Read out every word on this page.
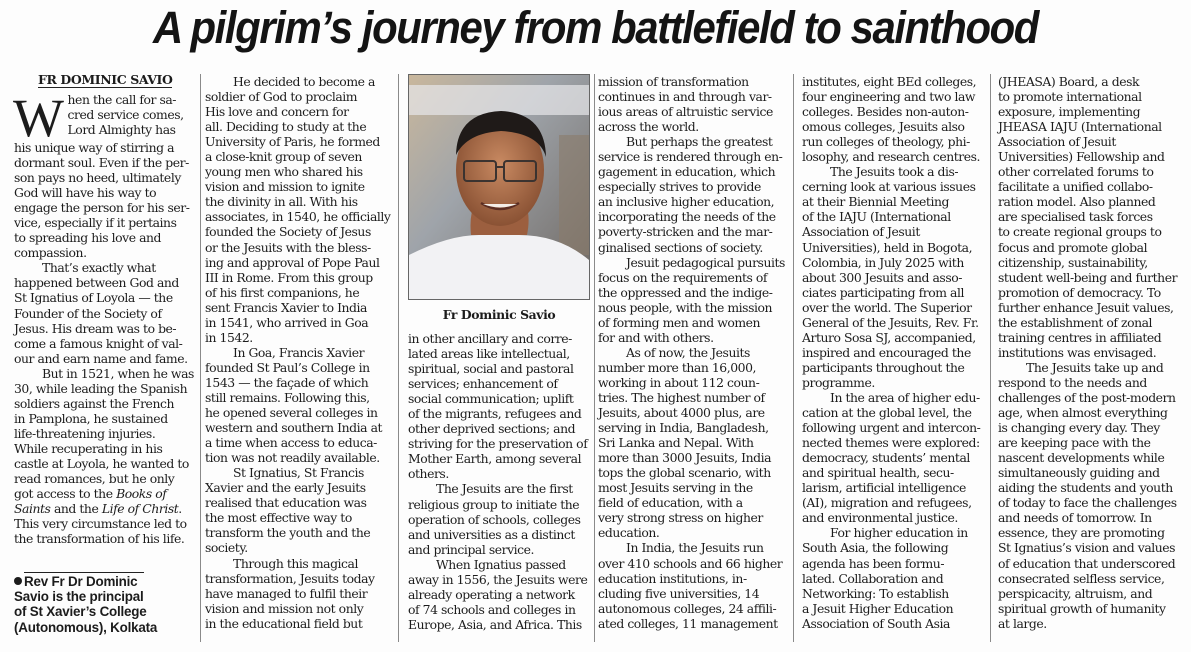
A pilgrim’s journey from battlefield to sainthood
FR DOMINIC SAVIO
W hen the call for sa-
cred service comes,
Lord Almighty has
his unique way of stirring a
dormant soul. Even if the per-
son pays no heed, ultimately
God will have his way to
engage the person for his ser-
vice, especially if it pertains
to spreading his love and
compassion.
That’s exactly what
happened between God and
St Ignatius of Loyola — the
Founder of the Society of
Jesus. His dream was to be-
come a famous knight of val-
our and earn name and fame.
But in 1521, when he was
30, while leading the Spanish
soldiers against the French
in Pamplona, he sustained
life-threatening injuries.
While recuperating in his
castle at Loyola, he wanted to
read romances, but he only
got access to the Books of
Saints and the Life of Christ.
This very circumstance led to
the transformation of his life.
Rev Fr Dr Dominic
Savio is the principal
of St Xavier’s College
(Autonomous), Kolkata
He decided to become a
soldier of God to proclaim
His love and concern for
all. Deciding to study at the
University of Paris, he formed
a close-knit group of seven
young men who shared his
vision and mission to ignite
the divinity in all. With his
associates, in 1540, he officially
founded the Society of Jesus
or the Jesuits with the bless-
ing and approval of Pope Paul
III in Rome. From this group
of his first companions, he
sent Francis Xavier to India
in 1541, who arrived in Goa
in 1542.
In Goa, Francis Xavier
founded St Paul’s College in
1543 — the façade of which
still remains. Following this,
he opened several colleges in
western and southern India at
a time when access to educa-
tion was not readily available.
St Ignatius, St Francis
Xavier and the early Jesuits
realised that education was
the most effective way to
transform the youth and the
society.
Through this magical
transformation, Jesuits today
have managed to fulfil their
vision and mission not only
in the educational field but
Fr Dominic Savio
in other ancillary and corre-
lated areas like intellectual,
spiritual, social and pastoral
services; enhancement of
social communication; uplift
of the migrants, refugees and
other deprived sections; and
striving for the preservation of
Mother Earth, among several
others.
The Jesuits are the first
religious group to initiate the
operation of schools, colleges
and universities as a distinct
and principal service.
When Ignatius passed
away in 1556, the Jesuits were
already operating a network
of 74 schools and colleges in
Europe, Asia, and Africa. This
mission of transformation
continues in and through var-
ious areas of altruistic service
across the world.
But perhaps the greatest
service is rendered through en-
gagement in education, which
especially strives to provide
an inclusive higher education,
incorporating the needs of the
poverty-stricken and the mar-
ginalised sections of society.
Jesuit pedagogical pursuits
focus on the requirements of
the oppressed and the indige-
nous people, with the mission
of forming men and women
for and with others.
As of now, the Jesuits
number more than 16,000,
working in about 112 coun-
tries. The highest number of
Jesuits, about 4000 plus, are
serving in India, Bangladesh,
Sri Lanka and Nepal. With
more than 3000 Jesuits, India
tops the global scenario, with
most Jesuits serving in the
field of education, with a
very strong stress on higher
education.
In India, the Jesuits run
over 410 schools and 66 higher
education institutions, in-
cluding five universities, 14
autonomous colleges, 24 affili-
ated colleges, 11 management
institutes, eight BEd colleges,
four engineering and two law
colleges. Besides non-auton-
omous colleges, Jesuits also
run colleges of theology, phi-
losophy, and research centres.
The Jesuits took a dis-
cerning look at various issues
at their Biennial Meeting
of the IAJU (International
Association of Jesuit
Universities), held in Bogota,
Colombia, in July 2025 with
about 300 Jesuits and asso-
ciates participating from all
over the world. The Superior
General of the Jesuits, Rev. Fr.
Arturo Sosa SJ, accompanied,
inspired and encouraged the
participants throughout the
programme.
In the area of higher edu-
cation at the global level, the
following urgent and intercon-
nected themes were explored:
democracy, students’ mental
and spiritual health, secu-
larism, artificial intelligence
(AI), migration and refugees,
and environmental justice.
For higher education in
South Asia, the following
agenda has been formu-
lated. Collaboration and
Networking: To establish
a Jesuit Higher Education
Association of South Asia
(JHEASA) Board, a desk
to promote international
exposure, implementing
JHEASA IAJU (International
Association of Jesuit
Universities) Fellowship and
other correlated forums to
facilitate a unified collabo-
ration model. Also planned
are specialised task forces
to create regional groups to
focus and promote global
citizenship, sustainability,
student well-being and further
promotion of democracy. To
further enhance Jesuit values,
the establishment of zonal
training centres in affiliated
institutions was envisaged.
The Jesuits take up and
respond to the needs and
challenges of the post-modern
age, when almost everything
is changing every day. They
are keeping pace with the
nascent developments while
simultaneously guiding and
aiding the students and youth
of today to face the challenges
and needs of tomorrow. In
essence, they are promoting
St Ignatius’s vision and values
of education that underscored
consecrated selfless service,
perspicacity, altruism, and
spiritual growth of humanity
at large.
